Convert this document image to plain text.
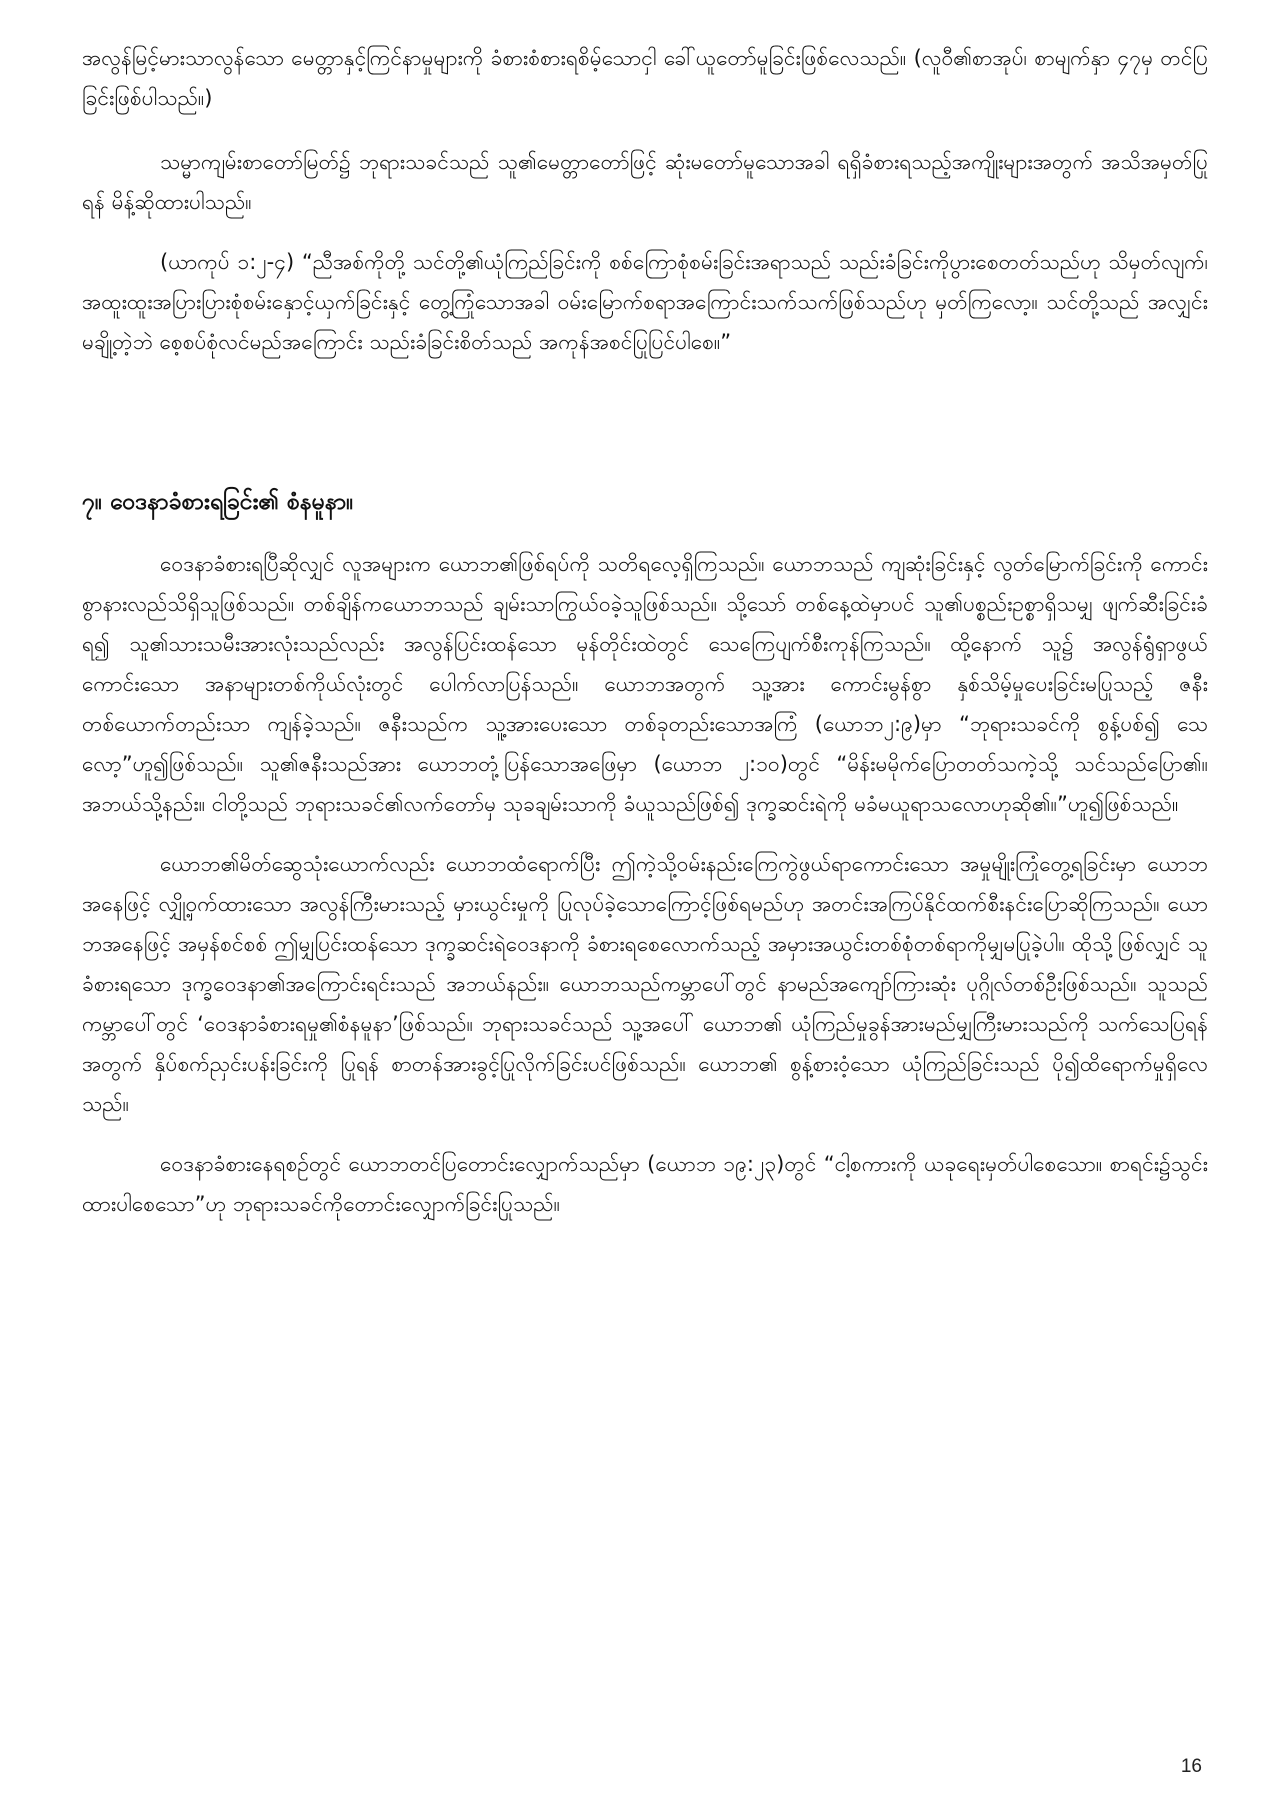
အလွန်မြင့်မားသာလွန်သော မေတ္တာနှင့်ကြင်နာမှုများကို ခံစားစံစားရစိမ့်သောငှါ ခေါ်ယူတော်မူခြင်းဖြစ်လေသည်။ (လူဝီ၏စာအုပ်၊ စာမျက်နှာ ၄၇မှ တင်ပြခြင်းဖြစ်ပါသည်။)

သမ္မာကျမ်းစာတော်မြတ်၌ ဘုရားသခင်သည် သူ၏မေတ္တာတော်ဖြင့် ဆုံးမတော်မူသောအခါ ရရှိခံစားရသည့်အကျိုးများအတွက် အသိအမှတ်ပြုရန် မိန့်ဆိုထားပါသည်။

(ယာကုပ် ၁:၂-၄) “ညီအစ်ကိုတို့ သင်တို့၏ယုံကြည်ခြင်းကို စစ်ကြောစုံစမ်းခြင်းအရာသည် သည်းခံခြင်းကိုပွားစေတတ်သည်ဟု သိမှတ်လျက်၊ အထူးထူးအပြားပြားစုံစမ်းနှောင့်ယှက်ခြင်းနှင့် တွေ့ကြုံသောအခါ ဝမ်းမြောက်စရာအကြောင်းသက်သက်ဖြစ်သည်ဟု မှတ်ကြလော့။ သင်တို့သည် အလျှင်းမချို့တဲ့ဘဲ စေ့စပ်စုံလင်မည်အကြောင်း သည်းခံခြင်းစိတ်သည် အကုန်အစင်ပြုပြင်ပါစေ။”

၇။ ဝေဒနာခံစားရခြင်း၏ စံနမူနာ။

ဝေဒနာခံစားရပြီဆိုလျှင် လူအများက ယောဘ၏ဖြစ်ရပ်ကို သတိရလေ့ရှိကြသည်။ ယောဘသည် ကျဆုံးခြင်းနှင့် လွတ်မြောက်ခြင်းကို ကောင်းစွာနားလည်သိရှိသူဖြစ်သည်။ တစ်ချိန်ကယောဘသည် ချမ်းသာကြွယ်ဝခဲ့သူဖြစ်သည်။ သို့သော် တစ်နေ့ထဲမှာပင် သူ၏ပစ္စည်းဥစ္စာရှိသမျှ ဖျက်ဆီးခြင်းခံရ၍ သူ၏သားသမီးအားလုံးသည်လည်း အလွန်ပြင်းထန်သော မုန်တိုင်းထဲတွင် သေကြေပျက်စီးကုန်ကြသည်။ ထို့နောက် သူ၌ အလွန်ရွံရှာဖွယ်ကောင်းသော အနာများတစ်ကိုယ်လုံးတွင် ပေါက်လာပြန်သည်။ ယောဘအတွက် သူ့အား ကောင်းမွန်စွာ နှစ်သိမ့်မှုပေးခြင်းမပြုသည့် ဇနီးတစ်ယောက်တည်းသာ ကျန်ခဲ့သည်။ ဇနီးသည်က သူ့အားပေးသော တစ်ခုတည်းသောအကြံ (ယောဘ၂:၉)မှာ “ဘုရားသခင်ကို စွန့်ပစ်၍ သေလော့”ဟူ၍ဖြစ်သည်။ သူ၏ဇနီးသည်အား ယောဘတုံ့ပြန်သောအဖြေမှာ (ယောဘ ၂:၁၀)တွင် “မိန်းမမိုက်ပြောတတ်သကဲ့သို့ သင်သည်ပြော၏။ အဘယ်သို့နည်း။ ငါတို့သည် ဘုရားသခင်၏လက်တော်မှ သုခချမ်းသာကို ခံယူသည်ဖြစ်၍ ဒုက္ခဆင်းရဲကို မခံမယူရာသလောဟုဆို၏။”ဟူ၍ဖြစ်သည်။

ယောဘ၏မိတ်ဆွေသုံးယောက်လည်း ယောဘထံရောက်ပြီး ဤကဲ့သို့ဝမ်းနည်းကြေကွဲဖွယ်ရာကောင်းသော အမှုမျိုးကြုံတွေ့ရခြင်းမှာ ယောဘအနေဖြင့် လျှို့ဝှက်ထားသော အလွန်ကြီးမားသည့် မှားယွင်းမှုကို ပြုလုပ်ခဲ့သောကြောင့်ဖြစ်ရမည်ဟု အတင်းအကြပ်နိုင်ထက်စီးနင်းပြောဆိုကြသည်။ ယောဘအနေဖြင့် အမှန်စင်စစ် ဤမျှပြင်းထန်သော ဒုက္ခဆင်းရဲဝေဒနာကို ခံစားရစေလောက်သည့် အမှားအယွင်းတစ်စုံတစ်ရာကိုမျှမပြုခဲ့ပါ။ ထိုသို့ဖြစ်လျှင် သူခံစားရသော ဒုက္ခဝေဒနာ၏အကြောင်းရင်းသည် အဘယ်နည်း။ ယောဘသည်ကမ္ဘာပေါ်တွင် နာမည်အကျော်ကြားဆုံး ပုဂ္ဂိုလ်တစ်ဦးဖြစ်သည်။ သူသည်ကမ္ဘာပေါ်တွင် ‘ဝေဒနာခံစားရမှု၏စံနမူနာ’ဖြစ်သည်။ ဘုရားသခင်သည် သူ့အပေါ် ယောဘ၏ ယုံကြည်မှုခွန်အားမည်မျှကြီးမားသည်ကို သက်သေပြရန်အတွက် နှိပ်စက်ညှင်းပန်းခြင်းကို ပြုရန် စာတန်အားခွင့်ပြုလိုက်ခြင်းပင်ဖြစ်သည်။ ယောဘ၏ စွန့်စားဝံ့သော ယုံကြည်ခြင်းသည် ပို၍ထိရောက်မှုရှိလေသည်။

ဝေဒနာခံစားနေရစဉ်တွင် ယောဘတင်ပြတောင်းလျှောက်သည်မှာ (ယောဘ ၁၉:၂၃)တွင် “ငါ့စကားကို ယခုရေးမှတ်ပါစေသော။ စာရင်း၌သွင်းထားပါစေသော”ဟု ဘုရားသခင်ကိုတောင်းလျှောက်ခြင်းပြုသည်။

16
